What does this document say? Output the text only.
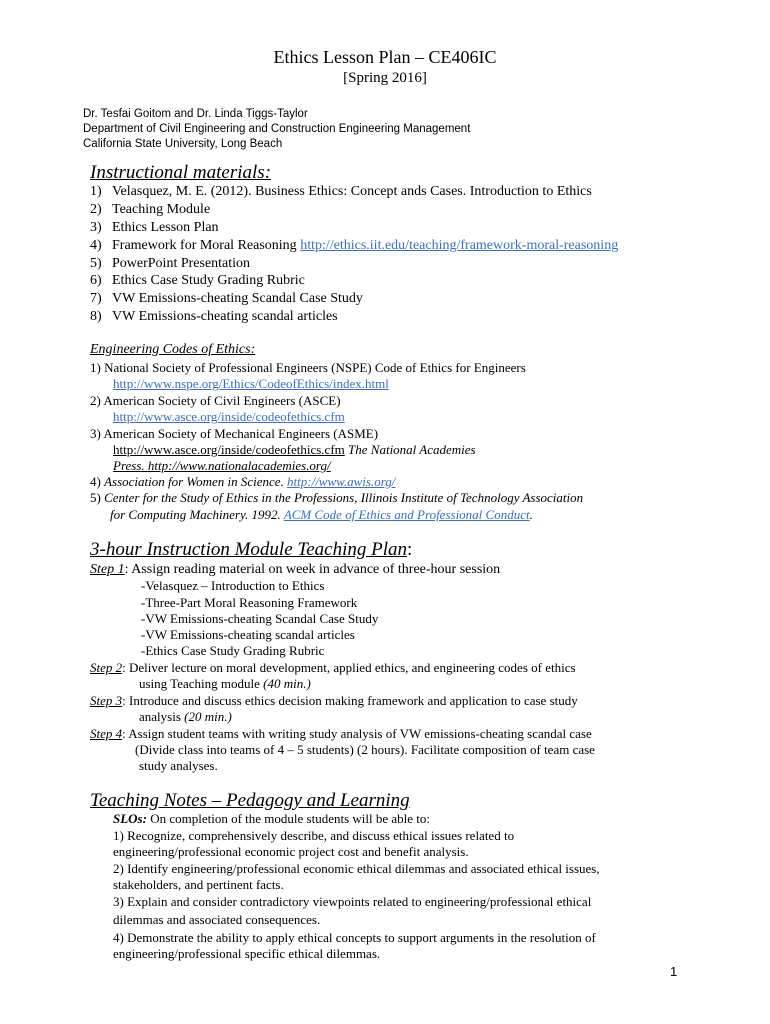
Ethics Lesson Plan – CE406IC
[Spring 2016]
Dr. Tesfai Goitom and Dr. Linda Tiggs-Taylor
Department of Civil Engineering and Construction Engineering Management
California State University, Long Beach
Instructional materials:
1) Velasquez, M. E. (2012). Business Ethics: Concept ands Cases. Introduction to Ethics
2) Teaching Module
3) Ethics Lesson Plan
4) Framework for Moral Reasoning http://ethics.iit.edu/teaching/framework-moral-reasoning
5) PowerPoint Presentation
6) Ethics Case Study Grading Rubric
7) VW Emissions-cheating Scandal Case Study
8) VW Emissions-cheating scandal articles
Engineering Codes of Ethics:
1) National Society of Professional Engineers (NSPE) Code of Ethics for Engineers
http://www.nspe.org/Ethics/CodeofEthics/index.html
2) American Society of Civil Engineers (ASCE)
http://www.asce.org/inside/codeofethics.cfm
3) American Society of Mechanical Engineers (ASME)
http://www.asce.org/inside/codeofethics.cfm The National Academies
Press. http://www.nationalacademies.org/
4) Association for Women in Science. http://www.awis.org/
5) Center for the Study of Ethics in the Professions, Illinois Institute of Technology Association
for Computing Machinery. 1992. ACM Code of Ethics and Professional Conduct.
3-hour Instruction Module Teaching Plan:
Step 1: Assign reading material on week in advance of three-hour session
-Velasquez – Introduction to Ethics
-Three-Part Moral Reasoning Framework
-VW Emissions-cheating Scandal Case Study
-VW Emissions-cheating scandal articles
-Ethics Case Study Grading Rubric
Step 2: Deliver lecture on moral development, applied ethics, and engineering codes of ethics
using Teaching module (40 min.)
Step 3: Introduce and discuss ethics decision making framework and application to case study
analysis (20 min.)
Step 4: Assign student teams with writing study analysis of VW emissions-cheating scandal case
(Divide class into teams of 4 – 5 students) (2 hours). Facilitate composition of team case
study analyses.
Teaching Notes – Pedagogy and Learning
SLOs: On completion of the module students will be able to:
1) Recognize, comprehensively describe, and discuss ethical issues related to
engineering/professional economic project cost and benefit analysis.
2) Identify engineering/professional economic ethical dilemmas and associated ethical issues,
stakeholders, and pertinent facts.
3) Explain and consider contradictory viewpoints related to engineering/professional ethical
dilemmas and associated consequences.
4) Demonstrate the ability to apply ethical concepts to support arguments in the resolution of
engineering/professional specific ethical dilemmas.
1
